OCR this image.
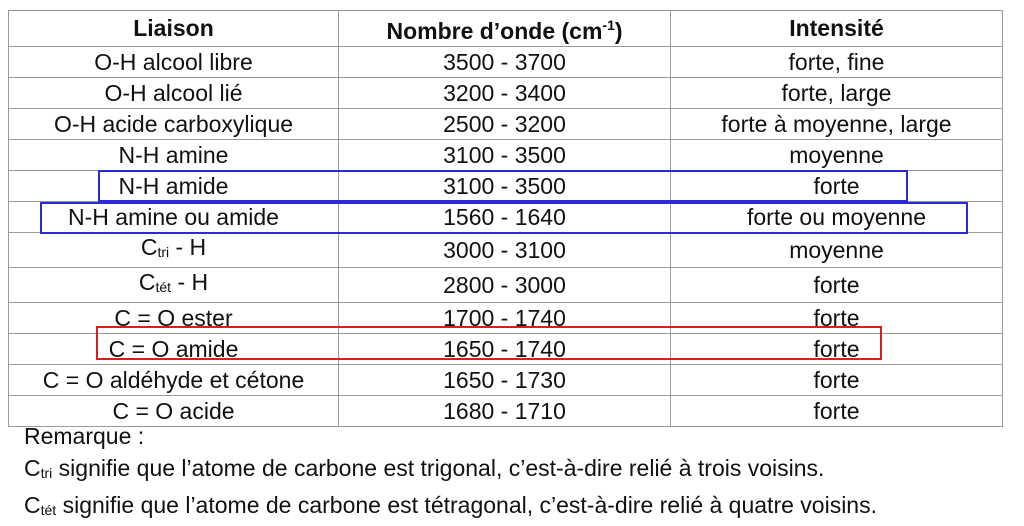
Liaison	Nombre d’onde $(cm^{-1})$	Intensité
O-H alcool libre	3500 - 3700	forte, fine
O-H alcool lié	3200 - 3400	forte, large
O-H acide carboxylique	2500 - 3200	forte à moyenne, large
N-H amine	3100 - 3500	moyenne
N-H amide	3100 - 3500	forte
N-H amine ou amide	1560 - 1640	forte ou moyenne
$C_{tri}$ - H	3000 - 3100	moyenne
$C_{tét}$ - H	2800 - 3000	forte
C = O ester	1700 - 1740	forte
C = O amide	1650 - 1740	forte
C = O aldéhyde et cétone	1650 - 1730	forte
C = O acide	1680 - 1710	forte
Remarque :
$C_{tri}$ signifie que l’atome de carbone est trigonal, c’est-à-dire relié à trois voisins.
$C_{tét}$ signifie que l’atome de carbone est tétragonal, c’est-à-dire relié à quatre voisins.
